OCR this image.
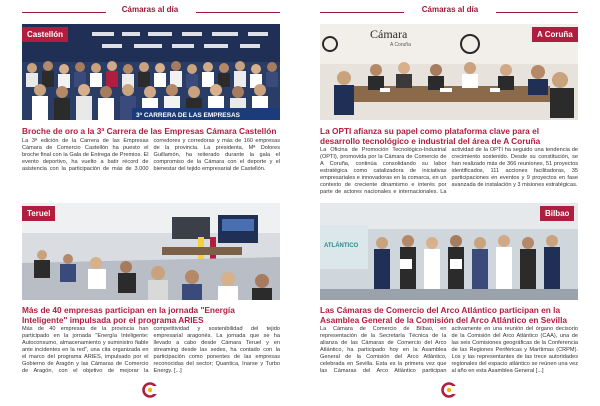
Cámaras al día
3ª CARRERA DE LAS EMPRESAS
Castellón
Broche de oro a la 3ª Carrera de las Empresas Cámara Castellón
La 3ª edición de la Carrera de las Empresas Cámara de Comercio Castellón ha puesto el broche final con la Gala de Entrega de Premios. El evento deportivo, ha vuelto a batir récord de asistencia con la participación de más de 3.000 corredores y corredoras y más de 160 empresas de la provincia. La presidenta, Mª Dolores Guillamón, ha reiterado durante la gala el compromiso de la Cámara con el deporte y el bienestar del tejido empresarial de Castellón.
Teruel
Más de 40 empresas participan en la jornada "Energía Inteligente" impulsada por el programa ARIES
Más de 40 empresas de la provincia han participado en la jornada "Energía Inteligente: Autoconsumo, almacenamiento y suministro fiable ante incidentes en la red", una cita organizada en el marco del programa ARIES, impulsado por el Gobierno de Aragón y las Cámaras de Comercio de Aragón, con el objetivo de mejorar la competitividad y sostenibilidad del tejido empresarial aragonés. La jornada que se ha llevado a cabo desde Cámara Teruel y en streaming desde las sedes, ha contado con la participación como ponentes de las empresas reconocidas del sector; Quantica, Inarse y Turbo Energy. [...]
Cámaras al día
Cámara
A Coruña
A Coruña
La OPTI afianza su papel como plataforma clave para el desarrollo tecnológico e industrial del área de A Coruña
La Oficina de Promoción Tecnológico-Industrial (OPTI), promovida por la Cámara de Comercio de A Coruña, continúa consolidando su labor estratégica como catalizadora de iniciativas empresariales e innovadoras en la comarca, en un contexto de creciente dinamismo e interés por parte de actores nacionales e internacionales. La actividad de la OPTI ha seguido una tendencia de crecimiento sostenido. Desde su constitución, se han realizado más de 366 reuniones, 51 proyectos identificados, 111 acciones facilitadoras, 35 participaciones en eventos y 9 proyectos en fase avanzada de instalación y 3 misiones estratégicas.
ATLÁNTICO
Bilbao
Las Cámaras de Comercio del Arco Atlántico participan en la Asamblea General de la Comisión del Arco Atlántico en Sevilla
La Cámara de Comercio de Bilbao, en representación de la Secretaría Técnica de la alianza de las Cámaras de Comercio del Arco Atlántico, ha participado hoy en la Asamblea General de la Comisión del Arco Atlántico, celebrada en Sevilla. Esta es la primera vez que las Cámaras del Arco Atlántico participan activamente en una reunión del órgano decisorio de la Comisión del Arco Atlántico (CAA), una de las seis Comisiones geográficas de la Conferencia de las Regiones Periféricas y Marítimas (CRPM). Los y las representantes de las trece autoridades regionales del espacio atlántico se reúnen una vez al año en esta Asamblea General [...]
